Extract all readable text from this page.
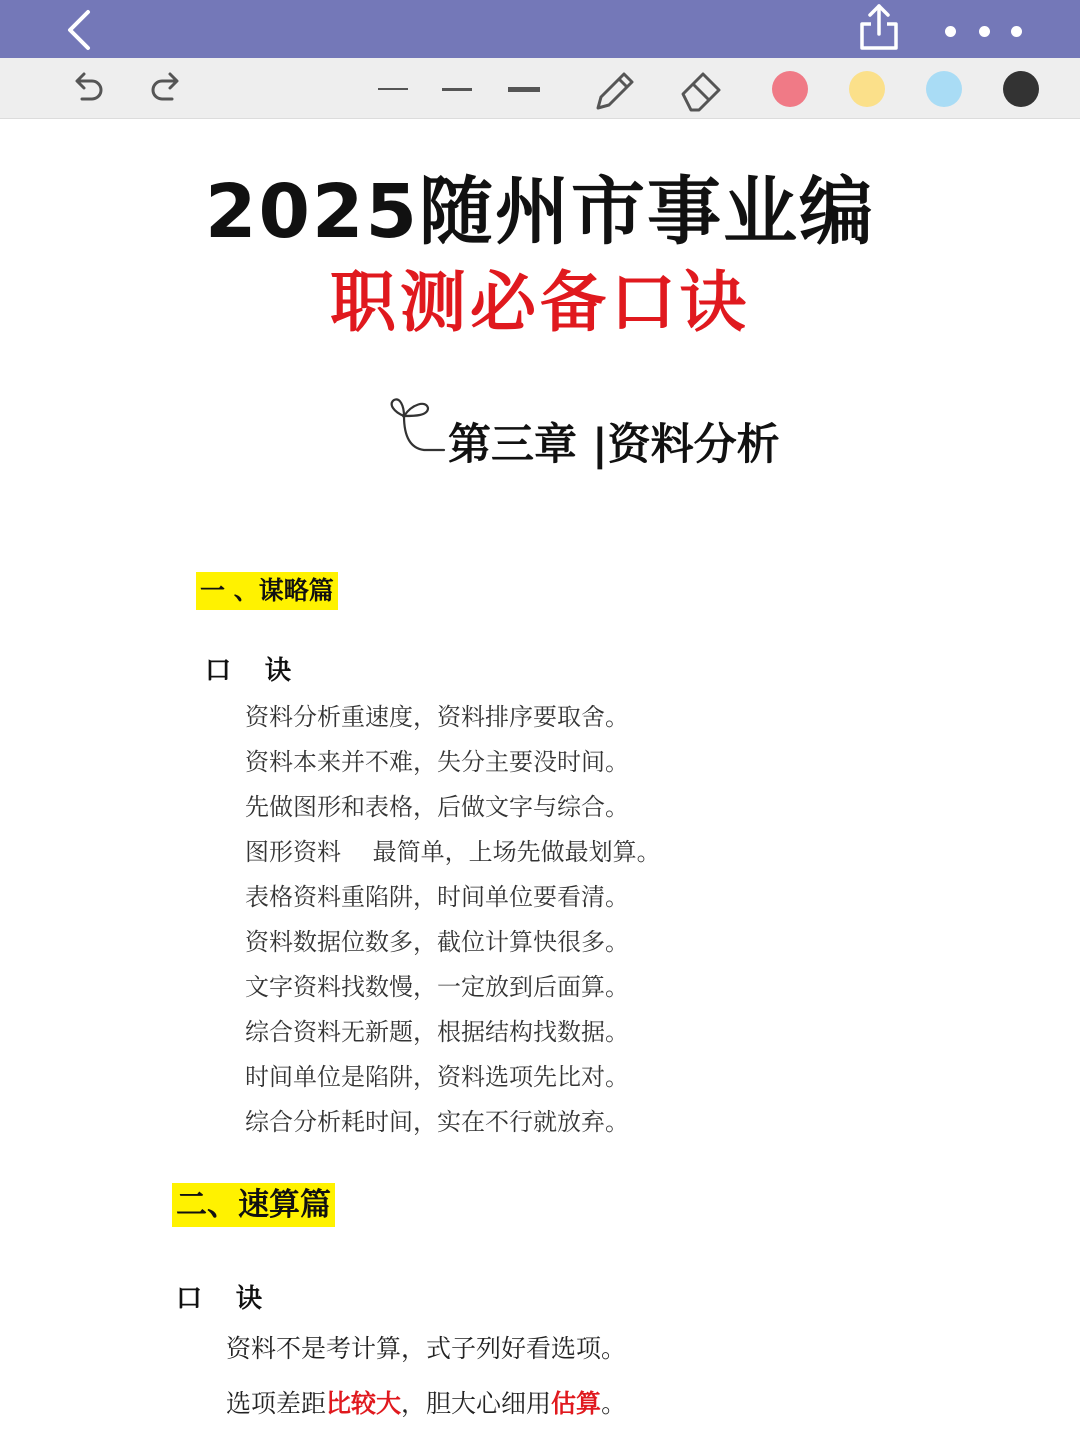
2025随州市事业编
职测必备口诀
第三章 |资料分析
一 、谋略篇
口 诀
资料分析重速度，资料排序要取舍。
资料本来并不难，失分主要没时间。
先做图形和表格，后做文字与综合。
图形资料　 最简单，上场先做最划算。
表格资料重陷阱，时间单位要看清。
资料数据位数多，截位计算快很多。
文字资料找数慢，一定放到后面算。
综合资料无新题，根据结构找数据。
时间单位是陷阱，资料选项先比对。
综合分析耗时间，实在不行就放弃。
二、速算篇
口 诀
资料不是考计算，式子列好看选项。
选项差距比较大，胆大心细用估算。
